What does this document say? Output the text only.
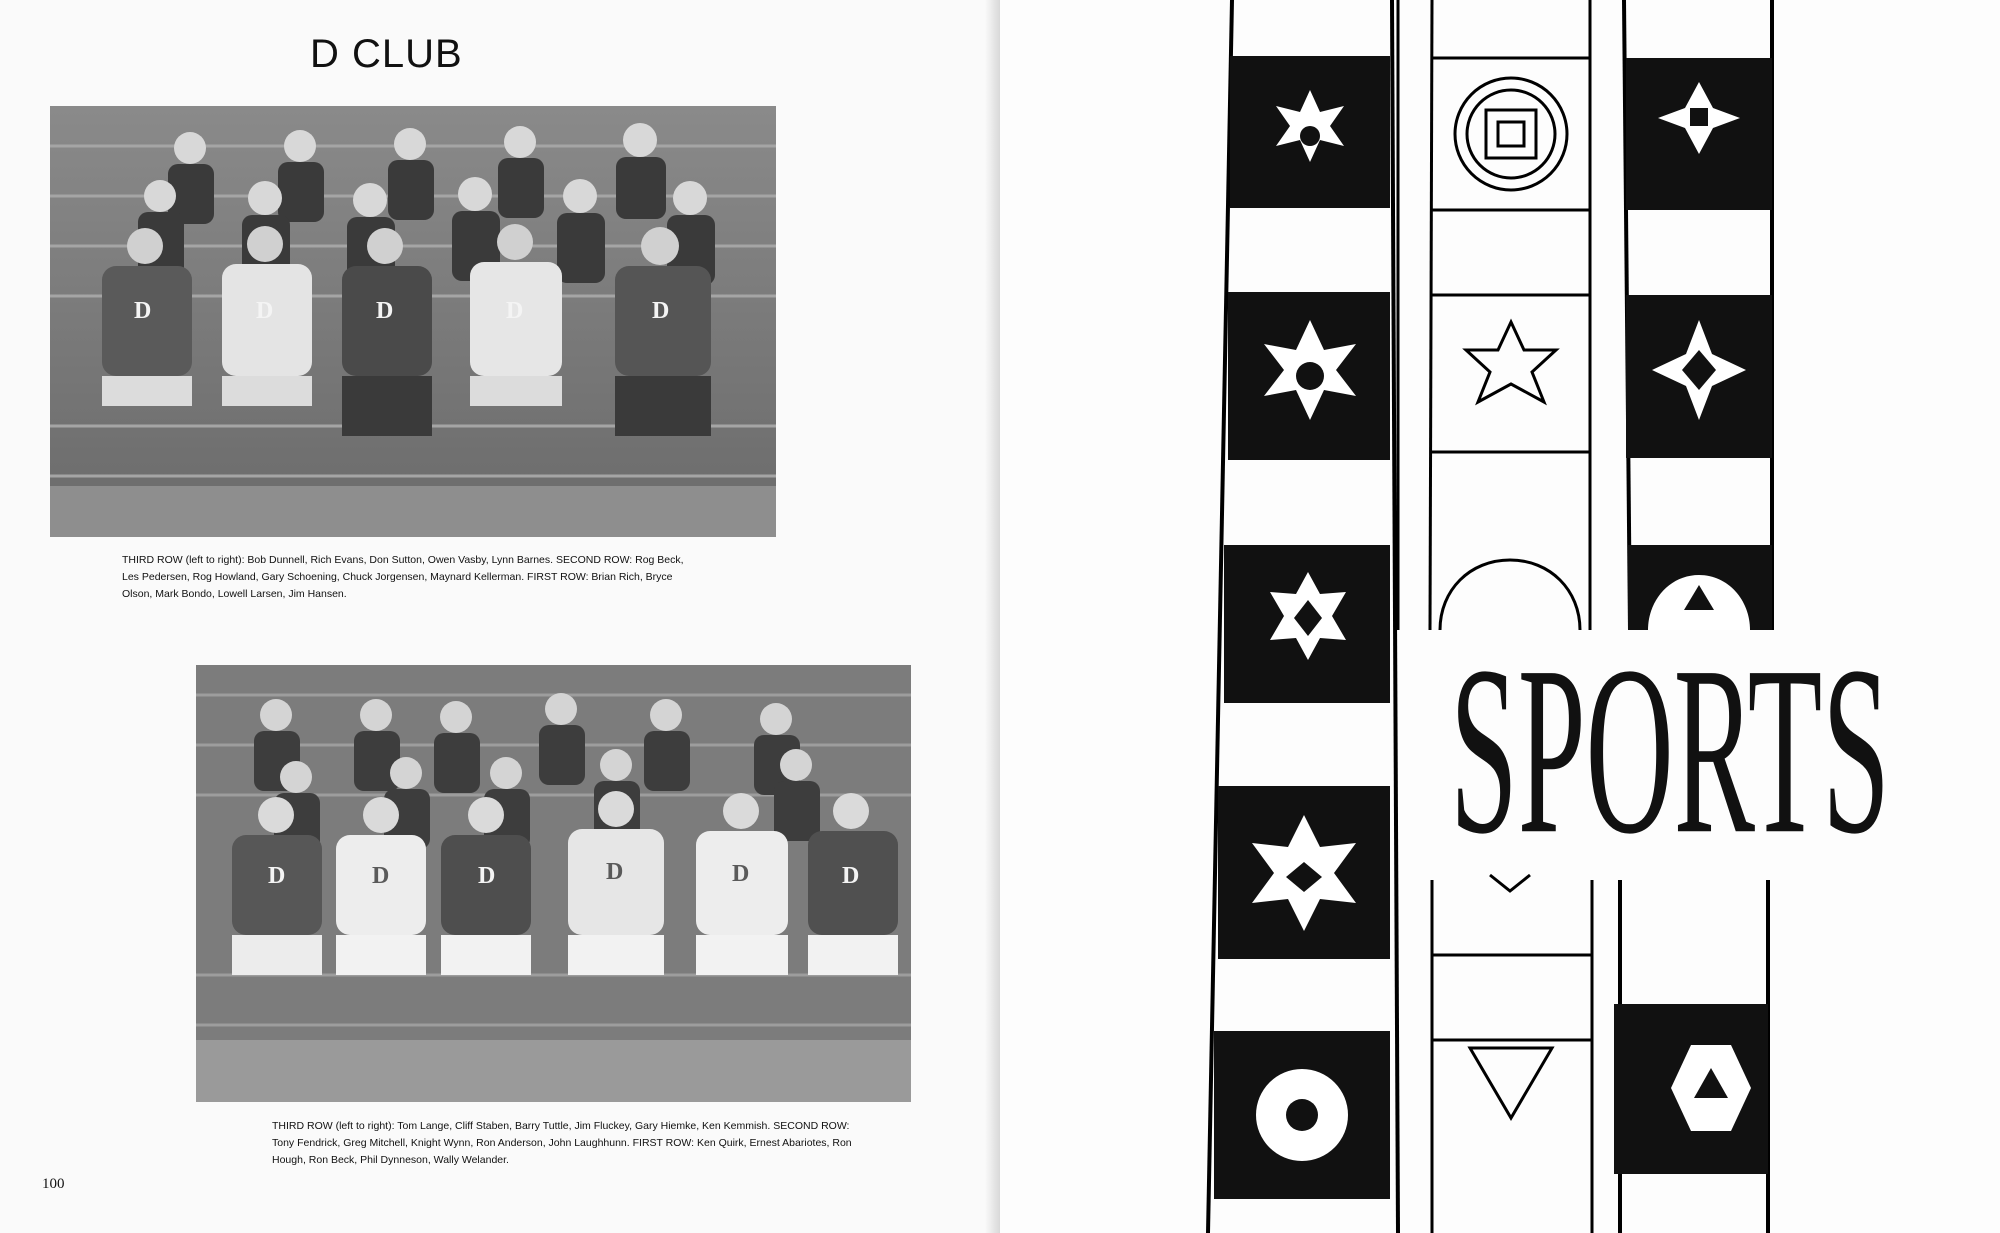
D CLUB
D	D	D	D	D
THIRD ROW (left to right): Bob Dunnell, Rich Evans, Don Sutton, Owen Vasby, Lynn Barnes. SECOND ROW: Rog Beck, Les Pedersen, Rog Howland, Gary Schoening, Chuck Jorgensen, Maynard Kellerman. FIRST ROW: Brian Rich, Bryce Olson, Mark Bondo, Lowell Larsen, Jim Hansen.
D	D	D
D	D	D
THIRD ROW (left to right): Tom Lange, Cliff Staben, Barry Tuttle, Jim Fluckey, Gary Hiemke, Ken Kemmish. SECOND ROW: Tony Fendrick, Greg Mitchell, Knight Wynn, Ron Anderson, John Laughhunn. FIRST ROW: Ken Quirk, Ernest Abariotes, Ron Hough, Ron Beck, Phil Dynneson, Wally Welander.
100
SPORTS
